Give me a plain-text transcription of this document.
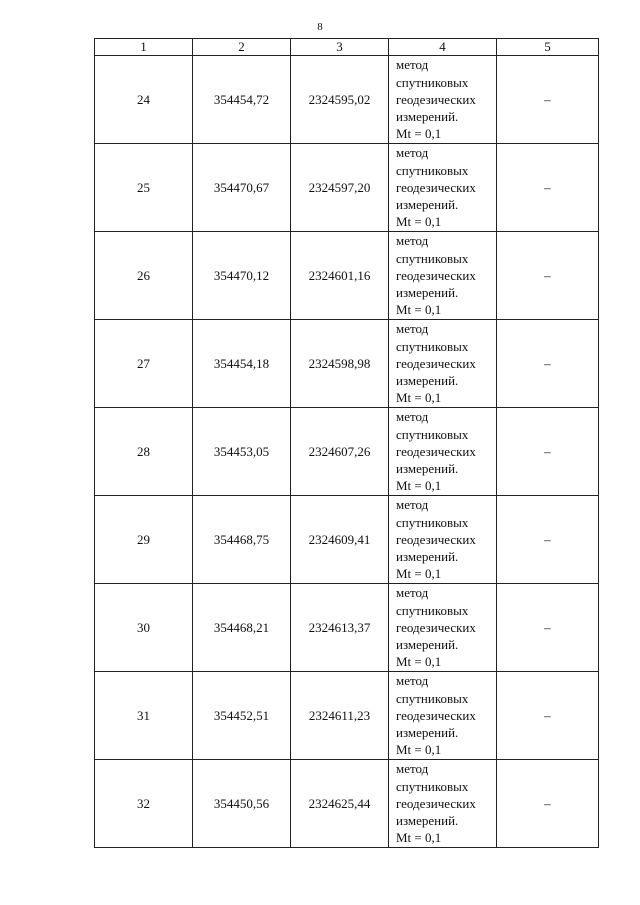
8
1	2	3	4	5
24	354454,72	2324595,02	метод
спутниковых
геодезических
измерений.
Mt = 0,1	–
25	354470,67	2324597,20	метод
спутниковых
геодезических
измерений.
Mt = 0,1	–
26	354470,12	2324601,16	метод
спутниковых
геодезических
измерений.
Mt = 0,1	–
27	354454,18	2324598,98	метод
спутниковых
геодезических
измерений.
Mt = 0,1	–
28	354453,05	2324607,26	метод
спутниковых
геодезических
измерений.
Mt = 0,1	–
29	354468,75	2324609,41	метод
спутниковых
геодезических
измерений.
Mt = 0,1	–
30	354468,21	2324613,37	метод
спутниковых
геодезических
измерений.
Mt = 0,1	–
31	354452,51	2324611,23	метод
спутниковых
геодезических
измерений.
Mt = 0,1	–
32	354450,56	2324625,44	метод
спутниковых
геодезических
измерений.
Mt = 0,1	–
